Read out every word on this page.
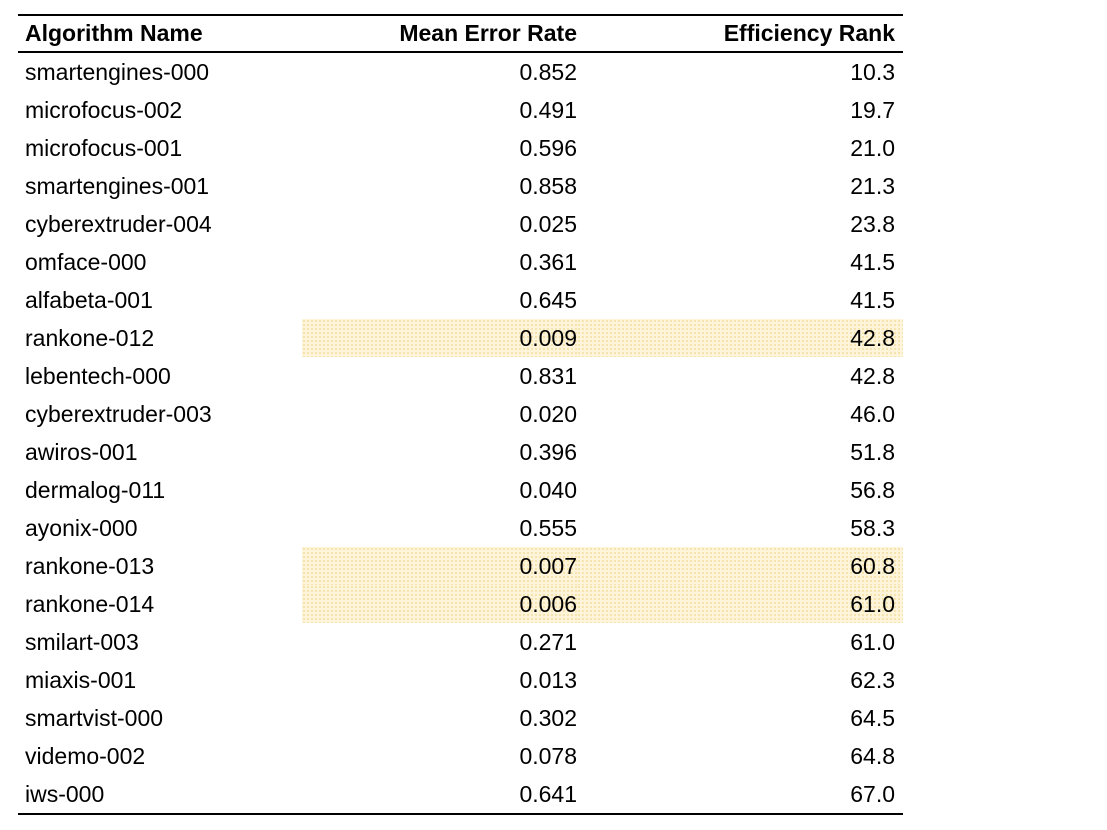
Algorithm Name	Mean Error Rate	Efficiency Rank
smartengines-000	0.852	10.3
microfocus-002	0.491	19.7
microfocus-001	0.596	21.0
smartengines-001	0.858	21.3
cyberextruder-004	0.025	23.8
omface-000	0.361	41.5
alfabeta-001	0.645	41.5
rankone-012	0.009	42.8
lebentech-000	0.831	42.8
cyberextruder-003	0.020	46.0
awiros-001	0.396	51.8
dermalog-011	0.040	56.8
ayonix-000	0.555	58.3
rankone-013	0.007	60.8
rankone-014	0.006	61.0
smilart-003	0.271	61.0
miaxis-001	0.013	62.3
smartvist-000	0.302	64.5
videmo-002	0.078	64.8
iws-000	0.641	67.0
